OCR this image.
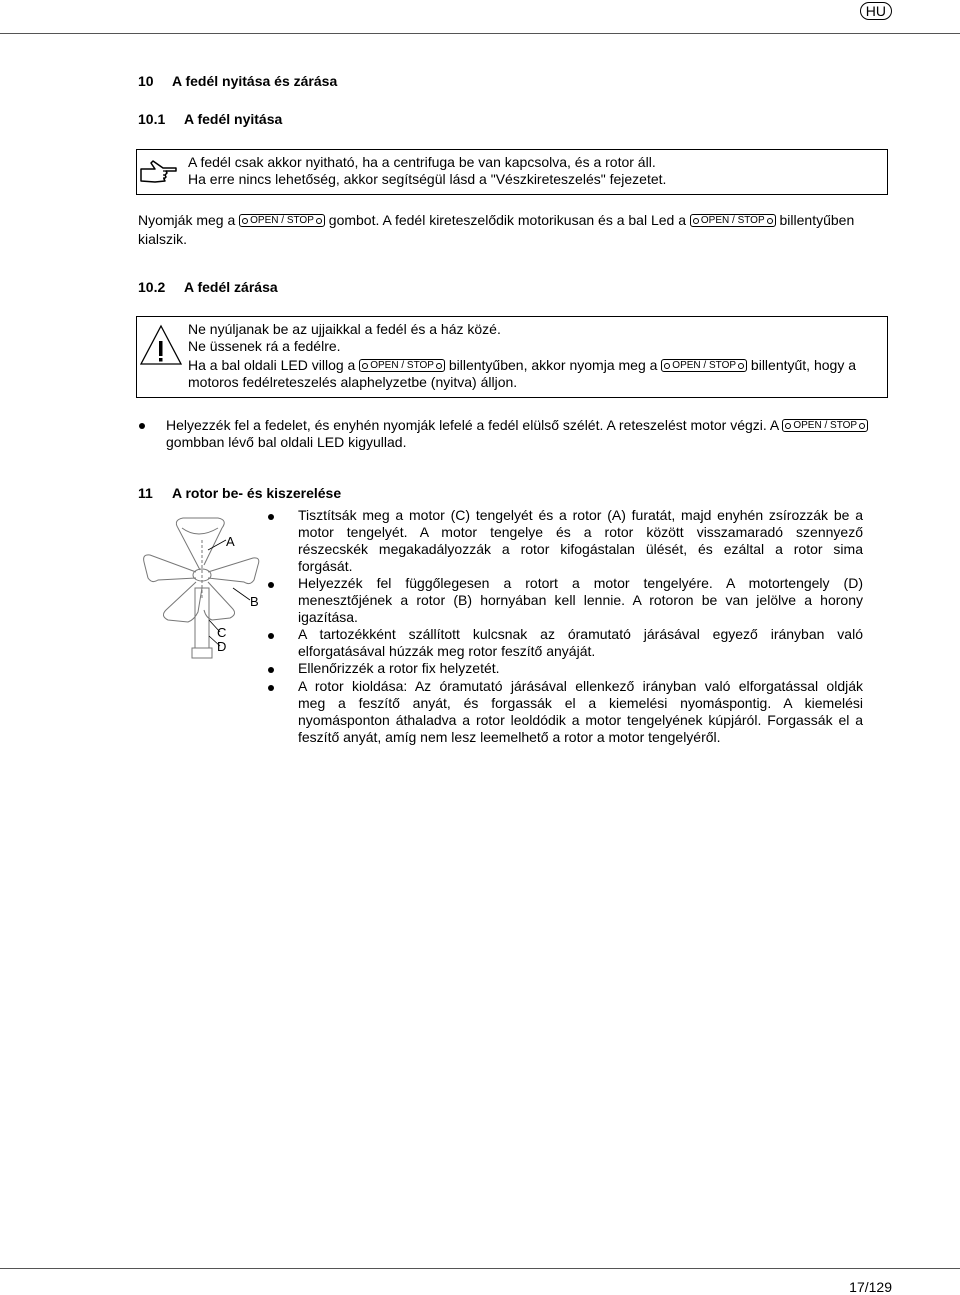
HU
10 A fedél nyitása és zárása
10.1 A fedél nyitása
A fedél csak akkor nyitható, ha a centrifuga be van kapcsolva, és a rotor áll.
Ha erre nincs lehetőség, akkor segítségül lásd a "Vészkireteszelés" fejezetet.
Nyomják meg a OPEN / STOP gombot. A fedél kireteszelődik motorikusan és a bal Led a OPEN / STOP billentyűben
kialszik.
10.2 A fedél zárása
Ne nyúljanak be az ujjaikkal a fedél és a ház közé.
Ne üssenek rá a fedélre.
Ha a bal oldali LED villog a OPEN / STOP billentyűben, akkor nyomja meg a OPEN / STOP billentyűt, hogy a
motoros fedélreteszelés alaphelyzetbe (nyitva) álljon.
Helyezzék fel a fedelet, és enyhén nyomják lefelé a fedél elülső szélét. A reteszelést motor végzi. A OPEN / STOP
gombban lévő bal oldali LED kigyullad.
11 A rotor be- és kiszerelése
A
B
C
D
Tisztítsák meg a motor (C) tengelyét és a rotor (A) furatát, majd enyhén zsírozzák be a
motor tengelyét. A motor tengelye és a rotor között visszamaradó szennyező
részecskék megakadályozzák a rotor kifogástalan ülését, és ezáltal a rotor sima
forgását.
Helyezzék fel függőlegesen a rotort a motor tengelyére. A motortengely (D)
menesztőjének a rotor (B) hornyában kell lennie. A rotoron be van jelölve a horony
igazítása.
A tartozékként szállított kulcsnak az óramutató járásával egyező irányban való
elforgatásával húzzák meg rotor feszítő anyáját.
Ellenőrizzék a rotor fix helyzetét.
A rotor kioldása: Az óramutató járásával ellenkező irányban való elforgatással oldják
meg a feszítő anyát, és forgassák el a kiemelési nyomáspontig. A kiemelési
nyomásponton áthaladva a rotor leoldódik a motor tengelyének kúpjáról. Forgassák el a
feszítő anyát, amíg nem lesz leemelhető a rotor a motor tengelyéről.
17/129
